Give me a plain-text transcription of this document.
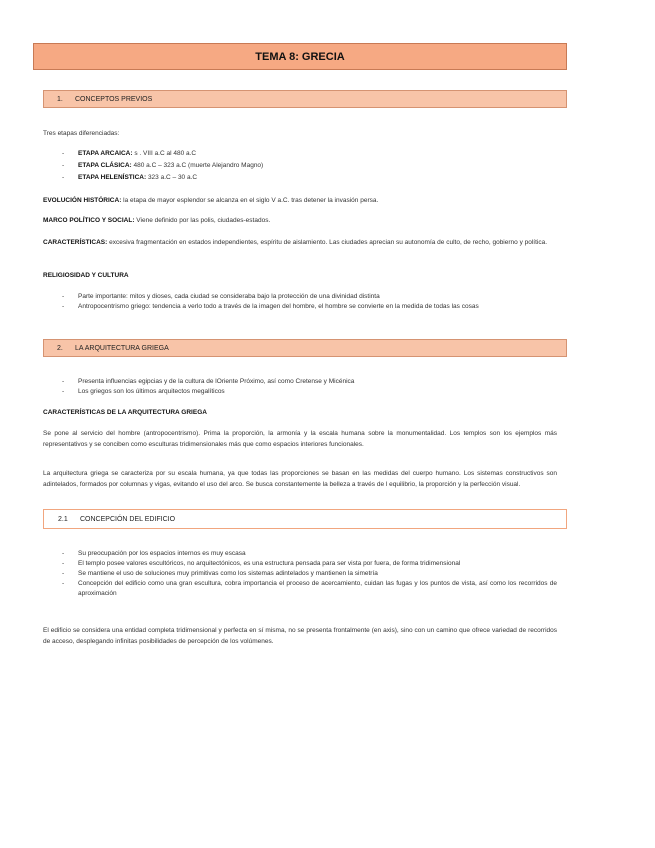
TEMA 8: GRECIA
1.	CONCEPTOS PREVIOS
Tres etapas diferenciadas:
- ETAPA ARCAICA: s . VIII a.C al 480 a.C
- ETAPA CLÁSICA: 480 a.C – 323 a.C (muerte Alejandro Magno)
- ETAPA HELENÍSTICA: 323 a.C – 30 a.C
EVOLUCIÓN HISTÓRICA: la etapa de mayor esplendor se alcanza en el siglo V a.C. tras detener la invasión persa.
MARCO POLÍTICO Y SOCIAL: Viene definido por las polis, ciudades-estados.
CARACTERÍSTICAS: excesiva fragmentación en estados independientes, espíritu de aislamiento. Las ciudades aprecian su autonomía de culto, de recho, gobierno y política.
RELIGIOSIDAD Y CULTURA
- Parte importante: mitos y dioses, cada ciudad se consideraba bajo la protección de una divinidad distinta
- Antropocentrismo griego: tendencia a verlo todo a través de la imagen del hombre, el hombre se convierte en la medida de todas las cosas
2.	LA ARQUITECTURA GRIEGA
- Presenta influencias egipcias y de la cultura de lOriente Próximo, así como Cretense y Micénica
- Los griegos son los últimos arquitectos megalíticos
CARACTERÍSTICAS DE LA ARQUITECTURA GRIEGA
Se pone al servicio del hombre (antropocentrismo). Prima la proporción, la armonía y la escala humana sobre la monumentalidad. Los templos son los ejemplos más representativos y se conciben como esculturas tridimensionales más que como espacios interiores funcionales.
La arquitectura griega se caracteriza por su escala humana, ya que todas las proporciones se basan en las medidas del cuerpo humano. Los sistemas constructivos son adintelados, formados por columnas y vigas, evitando el uso del arco. Se busca constantemente la belleza a través de l equilibrio, la proporción y la perfección visual.
2.1	CONCEPCIÓN DEL EDIFICIO
- Su preocupación por los espacios internos es muy escasa
- El templo posee valores escultóricos, no arquitectónicos, es una estructura pensada para ser vista por fuera, de forma tridimensional
- Se mantiene el uso de soluciones muy primitivas como los sistemas adintelados y mantienen la simetría
- Concepción del edificio como una gran escultura, cobra importancia el proceso de acercamiento, cuidan las fugas y los puntos de vista, así como los recorridos de aproximación
El edificio se considera una entidad completa tridimensional y perfecta en sí misma, no se presenta frontalmente (en axis), sino con un camino que ofrece variedad de recorridos de acceso, desplegando infinitas posibilidades de percepción de los volúmenes.
